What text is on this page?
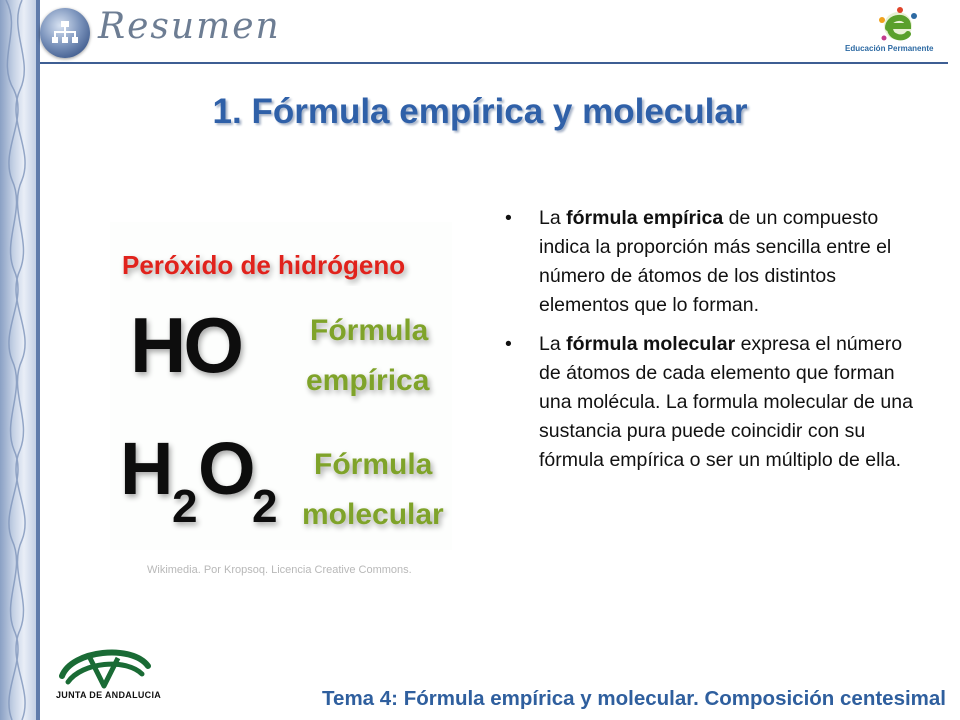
Resumen
Educación Permanente
1. Fórmula empírica y molecular
Peróxido de hidrógeno
HO Fórmula
empírica
H
2 O
2
Fórmula
molecular
Wikimedia. Por Kropsoq. Licencia Creative Commons.
• La fórmula empírica de un compuesto indica la proporción más sencilla entre el número de átomos de los distintos elementos que lo forman.
• La fórmula molecular expresa el número de átomos de cada elemento que forman una molécula. La formula molecular de una sustancia pura puede coincidir con su fórmula empírica o ser un múltiplo de ella.
JUNTA DE ANDALUCIA	Tema 4: Fórmula empírica y molecular. Composición centesimal
